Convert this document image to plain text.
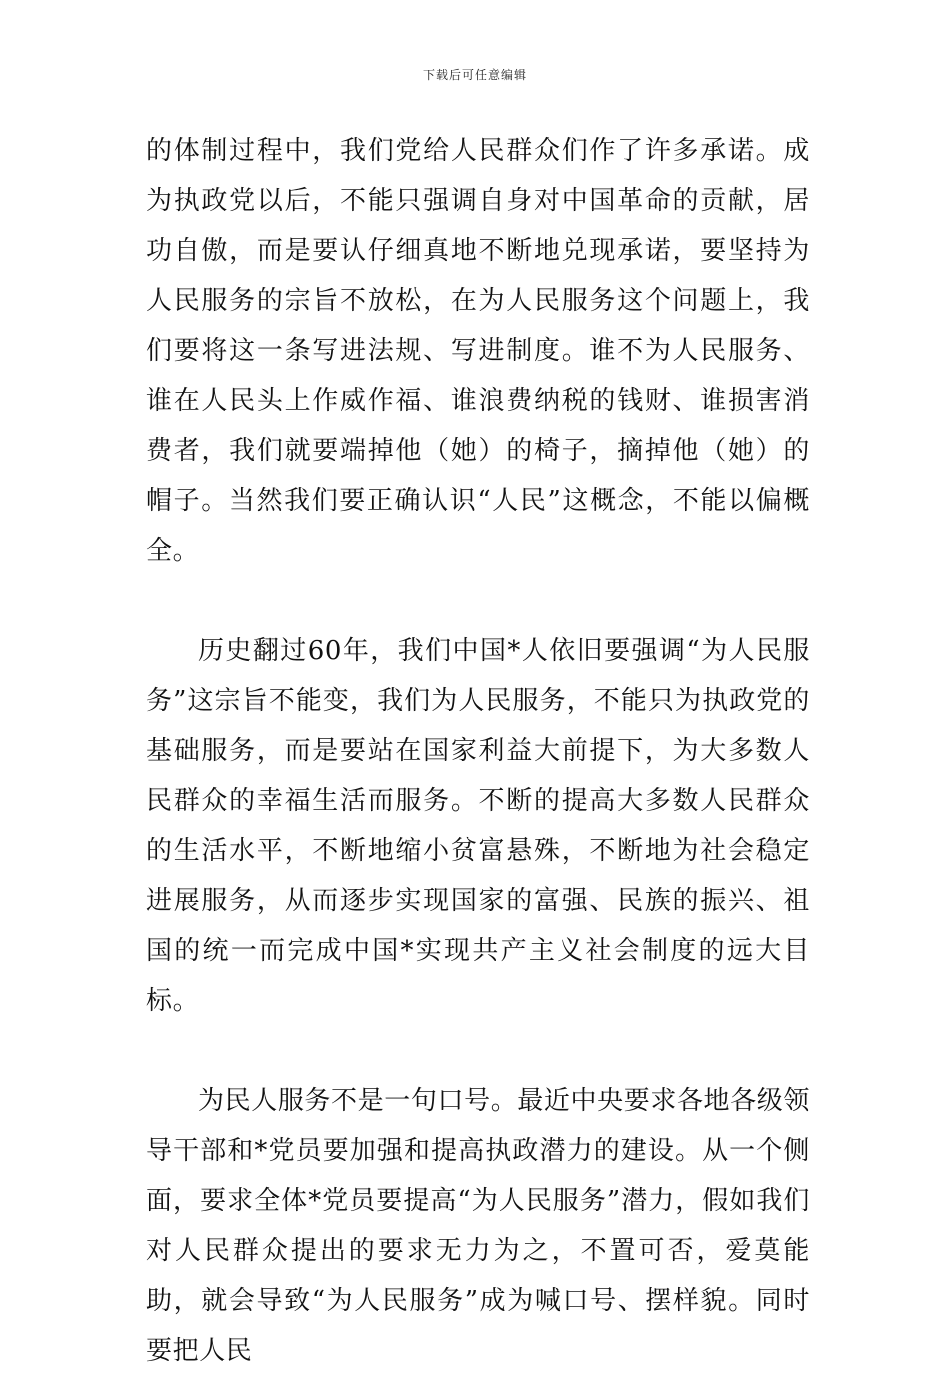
下载后可任意编辑

的体制过程中，我们党给人民群众们作了许多承诺。成为执政党以后，不能只强调自身对中国革命的贡献，居功自傲，而是要认仔细真地不断地兑现承诺，要坚持为人民服务的宗旨不放松，在为人民服务这个问题上，我们要将这一条写进法规、写进制度。谁不为人民服务、谁在人民头上作威作福、谁浪费纳税的钱财、谁损害消费者，我们就要端掉他（她）的椅子，摘掉他（她）的帽子。当然我们要正确认识“人民”这概念，不能以偏概全。

历史翻过60年，我们中国*人依旧要强调“为人民服务”这宗旨不能变，我们为人民服务，不能只为执政党的基础服务，而是要站在国家利益大前提下，为大多数人民群众的幸福生活而服务。不断的提高大多数人民群众的生活水平，不断地缩小贫富悬殊，不断地为社会稳定进展服务，从而逐步实现国家的富强、民族的振兴、祖国的统一而完成中国*实现共产主义社会制度的远大目标。

为民人服务不是一句口号。最近中央要求各地各级领导干部和*党员要加强和提高执政潜力的建设。从一个侧面，要求全体*党员要提高“为人民服务”潜力，假如我们对人民群众提出的要求无力为之，不置可否，爱莫能助，就会导致“为人民服务”成为喊口号、摆样貌。同时要把人民
